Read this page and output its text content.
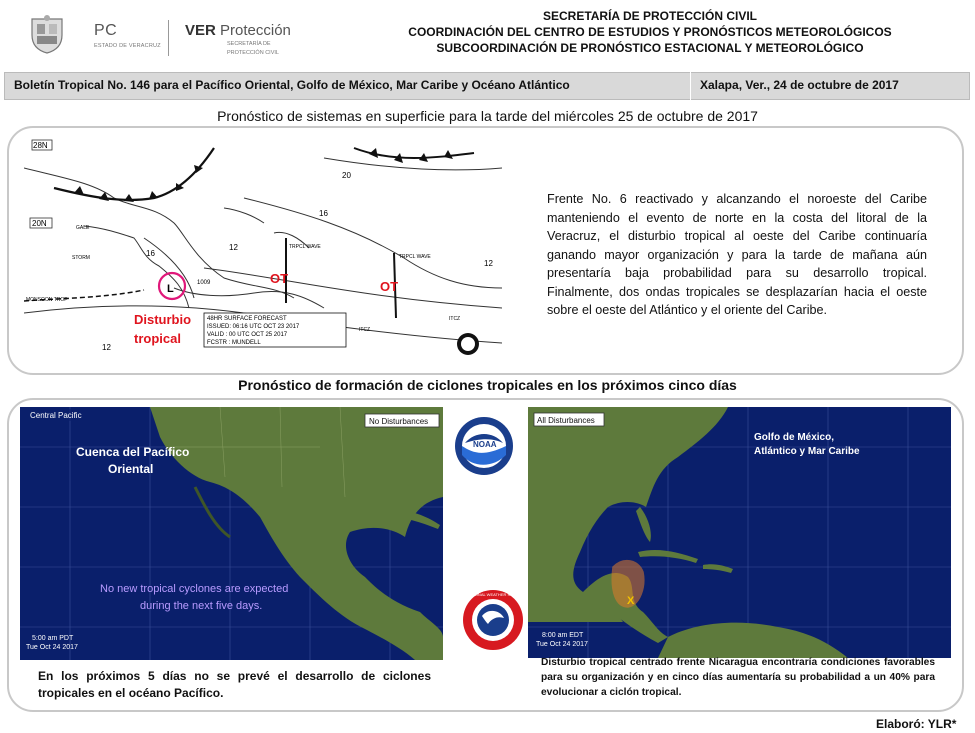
PC
ESTADO DE VERACRUZ
VER Protección
SECRETARÍA DE
PROTECCIÓN CIVIL
SECRETARÍA DE PROTECCIÓN CIVIL
COORDINACIÓN DEL CENTRO DE ESTUDIOS Y PRONÓSTICOS METEOROLÓGICOS
SUBCOORDINACIÓN DE PRONÓSTICO ESTACIONAL Y METEOROLÓGICO
Boletín Tropical No. 146 para el Pacífico Oriental, Golfo de México, Mar Caribe y Océano Atlántico	Xalapa, Ver., 24 de octubre de 2017
Pronóstico de sistemas en superficie para la tarde del miércoles 25 de octubre de 2017
28N
20N
20
16
12
12
16
1009
12
GALE
STORM
MONSOON TROF
TRPCL WAVE
TRPCL WAVE
ITCZ
ITCZ
48HR SURFACE FORECAST
ISSUED: 06:16 UTC OCT 23 2017
VALID : 00 UTC OCT 25 2017
FCSTR : MUNDELL
L
Disturbio
tropical
OT
OT
Frente No. 6 reactivado y alcanzando el noroeste del Caribe manteniendo el evento de norte en la costa del litoral de la Veracruz, el disturbio tropical al oeste del Caribe continuaría ganando mayor organización y para la tarde de mañana aún presentaría baja probabilidad para su desarrollo tropical. Finalmente, dos ondas tropicales se desplazarían hacia el oeste sobre el oeste del Atlántico y el oriente del Caribe.
Pronóstico de formación de ciclones tropicales en los próximos cinco días
Central Pacific
No Disturbances
Cuenca del Pacífico
Oriental
No new tropical cyclones are expected
during the next five days.
5:00 am PDT
Tue Oct 24 2017
NOAA
NATIONAL WEATHER SERVICE
X
All Disturbances
Golfo de México,
Atlántico y Mar Caribe
8:00 am EDT
Tue Oct 24 2017
En los próximos 5 días no se prevé el desarrollo de ciclones tropicales en el océano Pacífico.
Disturbio tropical centrado frente Nicaragua encontraría condiciones favorables para su organización y en cinco días aumentaría su probabilidad a un 40% para evolucionar a ciclón tropical.
Elaboró: YLR*
